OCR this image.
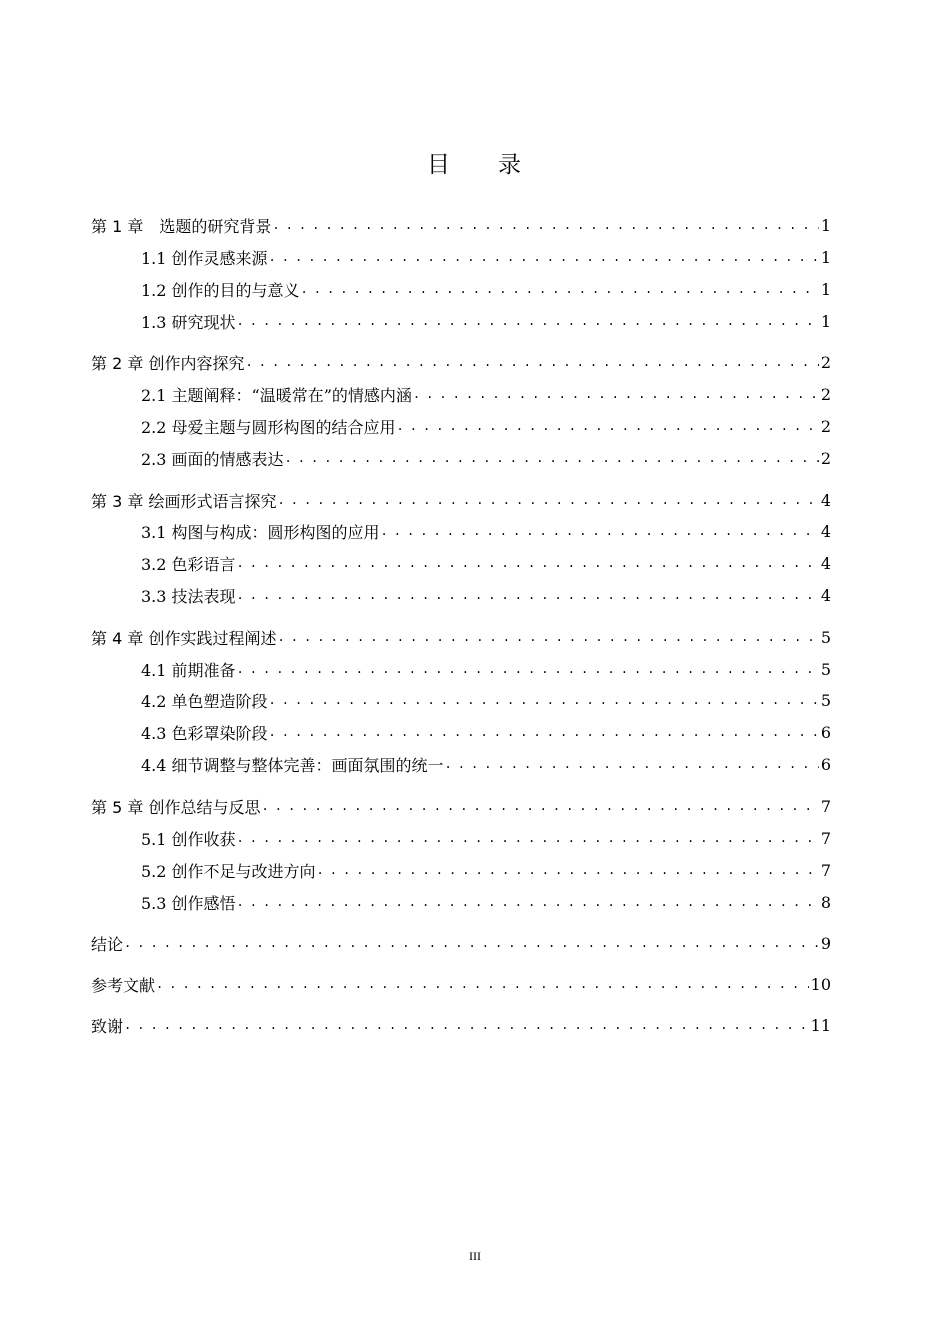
目 录
第 1 章　选题的研究背景 . . .	1
1.1 创作灵感来源 . . .	1
1.2 创作的目的与意义 . . .	1
1.3 研究现状 . . .	1
第 2 章 创作内容探究 . . .	2
2.1 主题阐释：“温暖常在”的情感内涵 . . .	2
2.2 母爱主题与圆形构图的结合应用 . . .	2
2.3 画面的情感表达 . . .	2
第 3 章 绘画形式语言探究 . . .	4
3.1 构图与构成：圆形构图的应用 . . .	4
3.2 色彩语言 . . .	4
3.3 技法表现 . . .	4
第 4 章 创作实践过程阐述 . . .	5
4.1 前期准备 . . .	5
4.2 单色塑造阶段 . . .	5
4.3 色彩罩染阶段 . . .	6
4.4 细节调整与整体完善：画面氛围的统一 . . .	6
第 5 章 创作总结与反思 . . .	7
5.1 创作收获 . . .	7
5.2 创作不足与改进方向 . . .	7
5.3 创作感悟 . . .	8
结论 . . .	9
参考文献 . . .	10
致谢 . . .	11
III
